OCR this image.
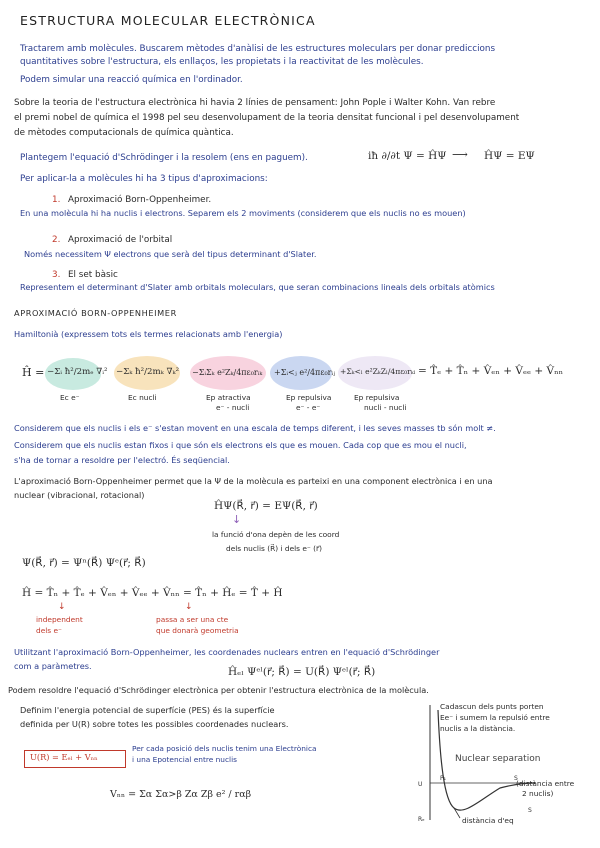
ESTRUCTURA MOLECULAR ELECTRÒNICA
Tractarem amb molècules. Buscarem mètodes d'anàlisi de les estructures moleculars per donar prediccions
quantitatives sobre l'estructura, els enllaços, les propietats i la reactivitat de les molècules.
Podem simular una reacció química en l'ordinador.
Sobre la teoria de l'estructura electrònica hi havia 2 línies de pensament: John Pople i Walter Kohn. Van rebre
el premi nobel de química el 1998 pel seu desenvolupament de la teoria densitat funcional i pel desenvolupament
de mètodes computacionals de química quàntica.
Plantegem l'equació d'Schrödinger i la resolem (ens en paguem).	iħ ∂/∂t Ψ = ĤΨ ⟶ ĤΨ = EΨ
Per aplicar-la a molècules hi ha 3 tipus d'aproximacions:
1. Aproximació Born-Oppenheimer.
En una molècula hi ha nuclis i electrons. Separem els 2 moviments (considerem que els nuclis no es mouen)
2. Aproximació de l'orbital
Només necessitem Ψ electrons que serà del tipus determinant d'Slater.
3. El set bàsic
Representem el determinant d'Slater amb orbitals moleculars, que seran combinacions lineals dels orbitals atòmics
APROXIMACIÓ BORN-OPPENHEIMER
Hamiltonià (expressem tots els termes relacionats amb l'energia)
Ĥ = −Σᵢ ħ²/2mₑ ∇ᵢ² −Σₖ ħ²/2mₖ ∇ₖ² −ΣᵢΣₖ e²Zₖ/4πε₀rᵢₖ +Σᵢ<ⱼ e²/4πε₀rᵢⱼ +Σₖ<ₗ e²ZₖZₗ/4πε₀rₖₗ = T̂ₑ + T̂ₙ + V̂ₑₙ + V̂ₑₑ + V̂ₙₙ
Ec e⁻	Ec nucli	Ep atractiva	Ep repulsiva	Ep repulsiva
e⁻ - nucli	e⁻ - e⁻	nucli - nucli
Considerem que els nuclis i els e⁻ s'estan movent en una escala de temps diferent, i les seves masses tb són molt ≠.
Considerem que els nuclis estan fixos i que són els electrons els que es mouen. Cada cop que es mou el nucli,
s'ha de tornar a resoldre per l'electró. És seqüencial.
L'aproximació Born-Oppenheimer permet que la Ψ de la molècula es parteixi en una component electrònica i en una
nuclear (vibracional, rotacional)
ĤΨ(R⃗, r⃗) = EΨ(R⃗, r⃗)
↓
la funció d'ona depèn de les coord
dels nuclis (R⃗) i dels e⁻ (r⃗)
Ψ(R⃗, r⃗) = Ψⁿ(R⃗) Ψᵉ(r⃗; R⃗)
Ĥ = T̂ₙ + T̂ₑ + V̂ₑₙ + V̂ₑₑ + V̂ₙₙ = T̂ₙ + Ĥₑ = T̂ + Ĥ
↓	↓
independent
dels e⁻
passa a ser una cte
que donarà geometria
Utilitzant l'aproximació Born-Oppenheimer, les coordenades nuclears entren en l'equació d'Schrödinger
com a paràmetres.	Ĥₑₗ Ψᵉˡ(r⃗; R⃗) = U(R⃗) Ψᵉˡ(r⃗; R⃗)
Podem resoldre l'equació d'Schrödinger electrònica per obtenir l'estructura electrònica de la molècula.
Definim l'energia potencial de superfície (PES) és la superfície
definida per U(R) sobre totes les possibles coordenades nuclears.
U(R) = Eₑₗ + Vₙₙ
Per cada posició dels nuclis tenim una Electrònica
i una Epotencial entre nuclis
Vₙₙ = Σα Σα>β Zα Zβ e² / rαβ
Cadascun dels punts porten
Ee⁻ i sumem la repulsió entre
nuclis a la distància.
Nuclear separation
(distància entre
2 nuclis)
distància d'eq
U
Rₑ
P₁	S
S
